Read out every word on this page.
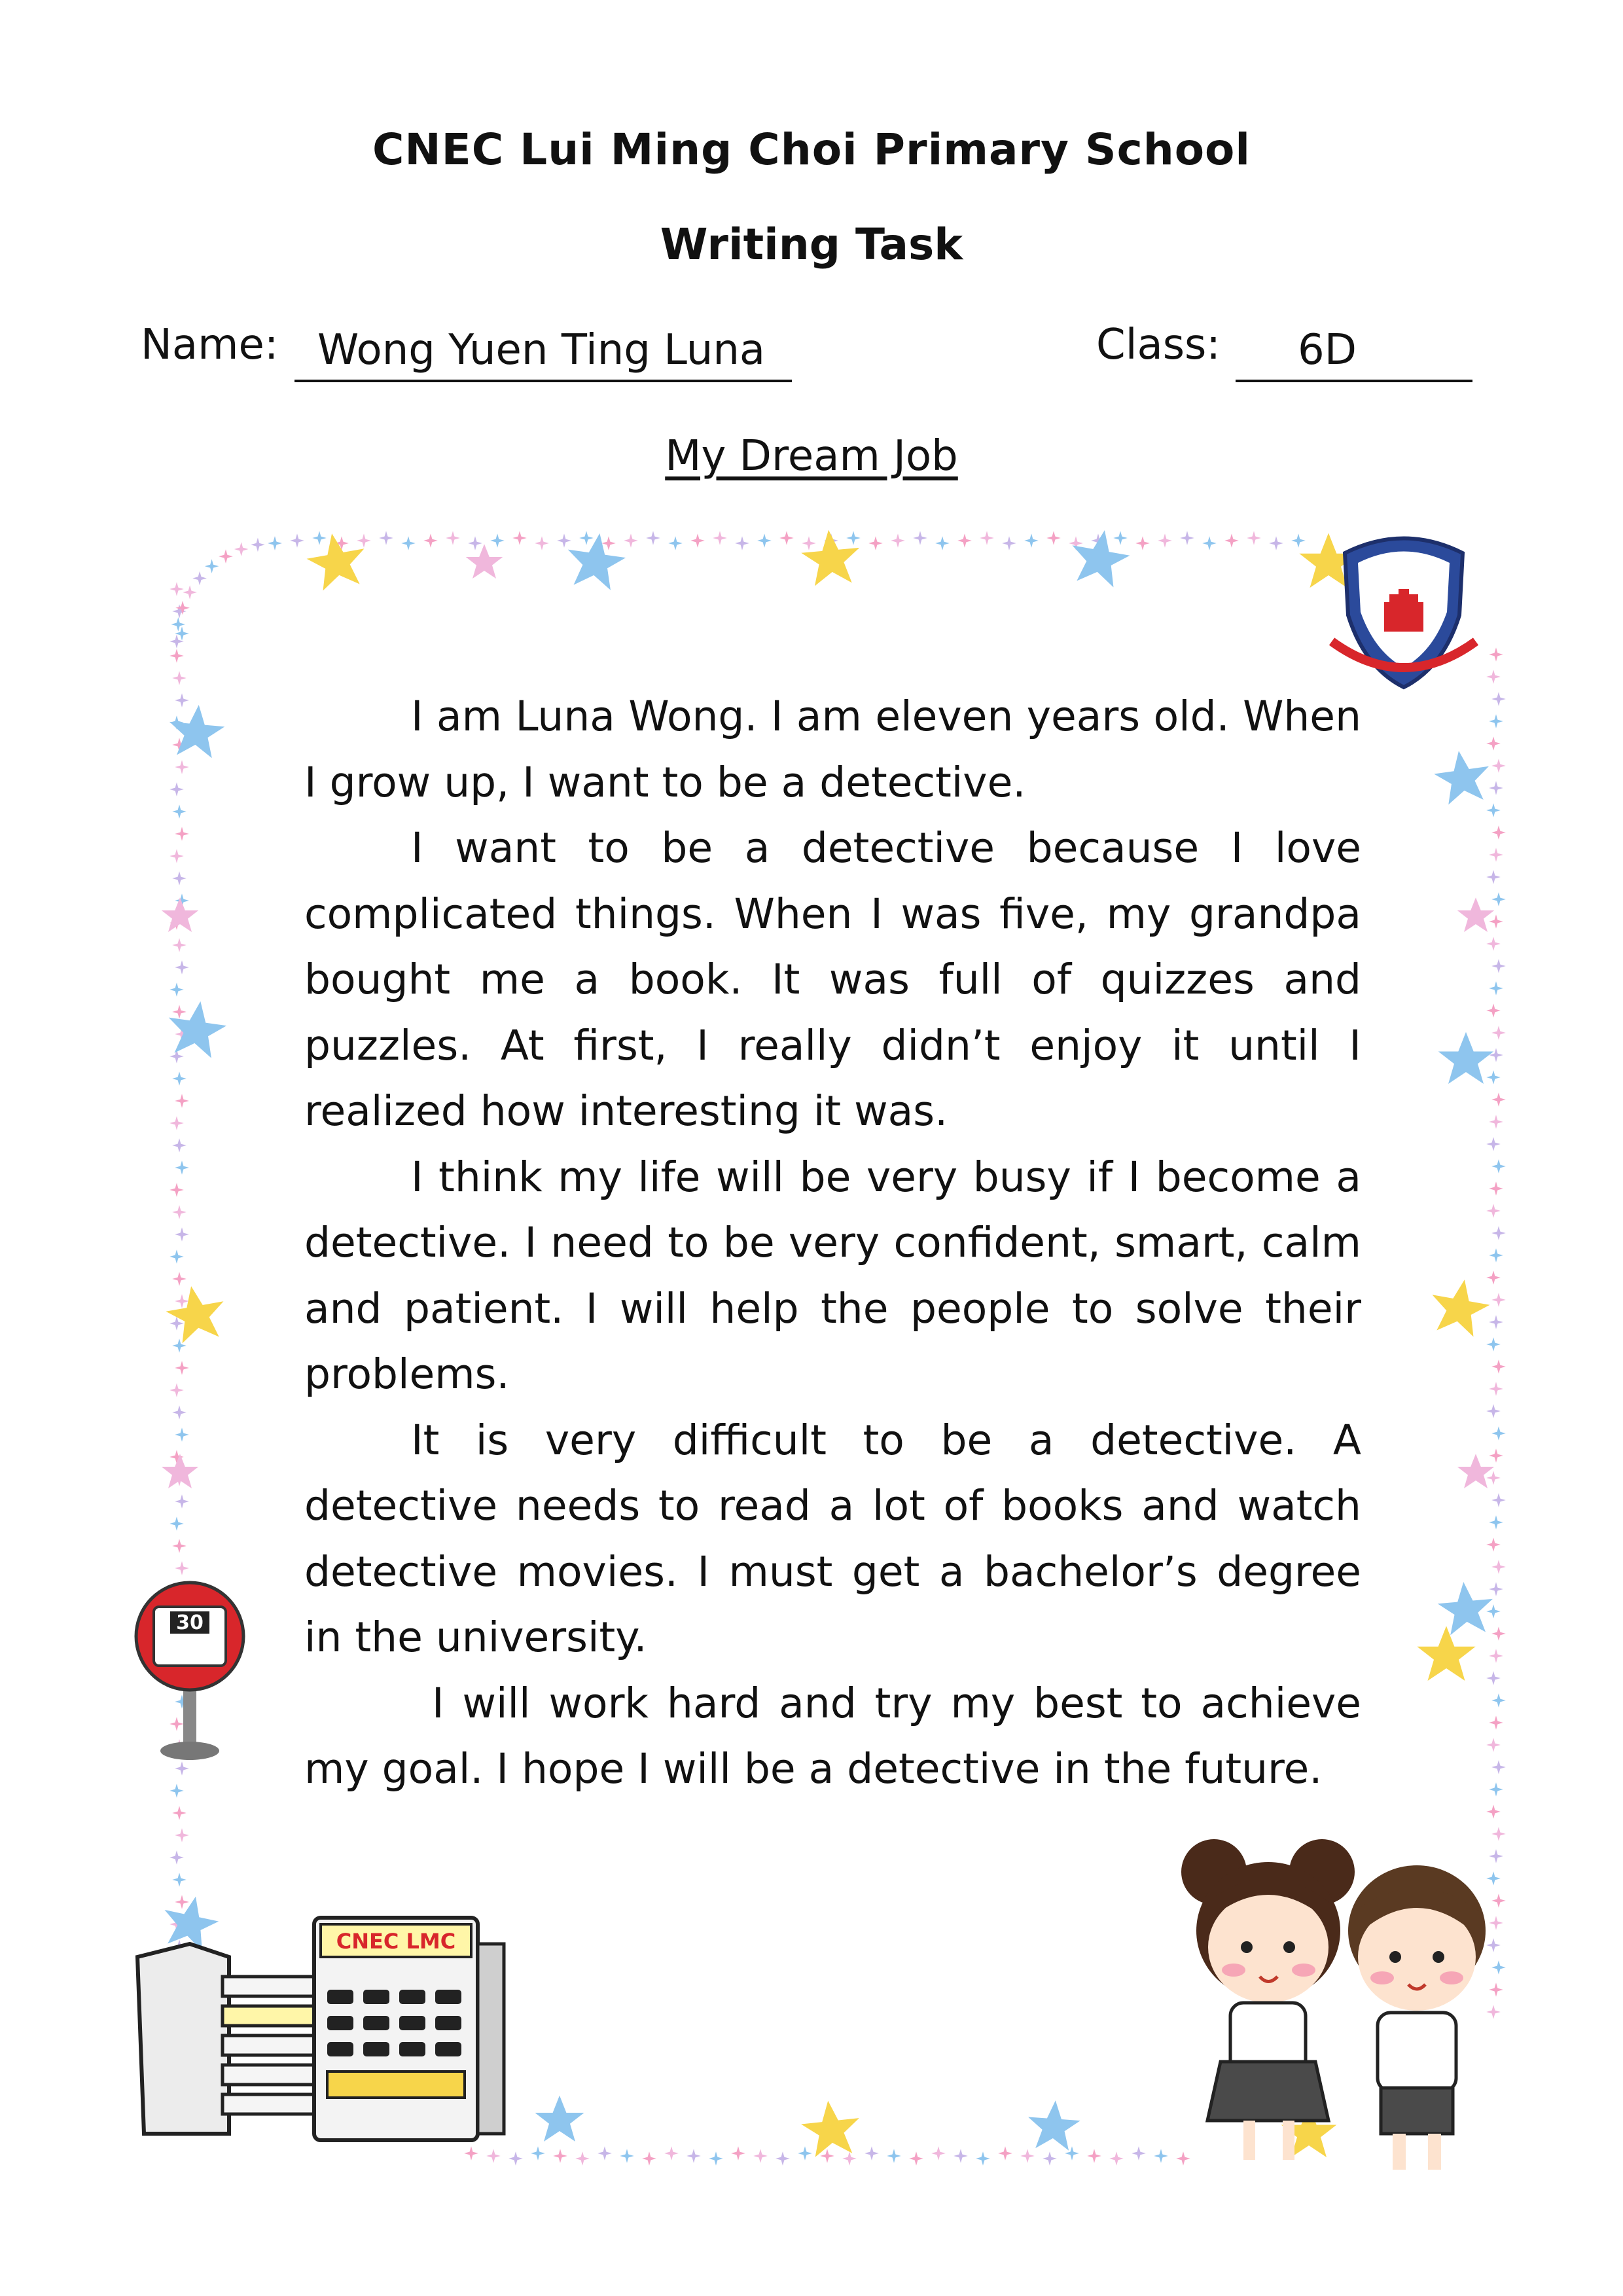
30
CNEC LMC
CNEC Lui Ming Choi Primary School
Writing Task
Name: Wong Yuen Ting Luna	Class:	6D
My Dream Job

I am Luna Wong. I am eleven years old. When I grow up, I want to be a detective.

I want to be a detective because I love complicated things. When I was five, my grandpa bought me a book. It was full of quizzes and puzzles. At first, I really didn’t enjoy it until I realized how interesting it was.

I think my life will be very busy if I become a detective. I need to be very confident, smart, calm and patient. I will help the people to solve their problems.

It is very difficult to be a detective. A detective needs to read a lot of books and watch detective movies. I must get a bachelor’s degree in the university.

I will work hard and try my best to achieve my goal. I hope I will be a detective in the future.
